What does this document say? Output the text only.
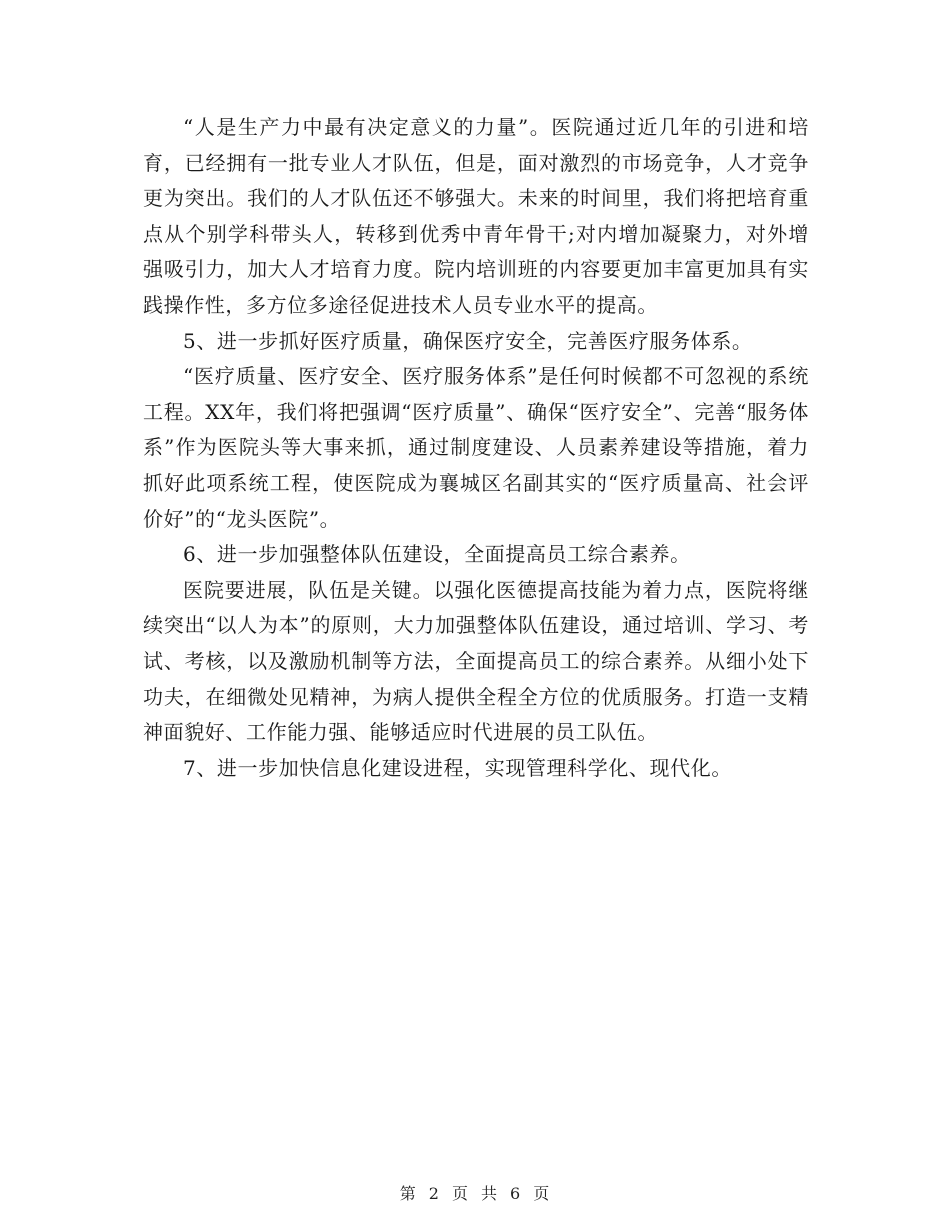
“人是生产力中最有决定意义的力量”。医院通过近几年的引进和培育，已经拥有一批专业人才队伍，但是，面对激烈的市场竞争，人才竞争更为突出。我们的人才队伍还不够强大。未来的时间里，我们将把培育重点从个别学科带头人，转移到优秀中青年骨干;对内增加凝聚力，对外增强吸引力，加大人才培育力度。院内培训班的内容要更加丰富更加具有实践操作性，多方位多途径促进技术人员专业水平的提高。

5、进一步抓好医疗质量，确保医疗安全，完善医疗服务体系。

“医疗质量、医疗安全、医疗服务体系”是任何时候都不可忽视的系统工程。XX年，我们将把强调“医疗质量”、确保“医疗安全”、完善“服务体系”作为医院头等大事来抓，通过制度建设、人员素养建设等措施，着力抓好此项系统工程，使医院成为襄城区名副其实的“医疗质量高、社会评价好”的“龙头医院”。

6、进一步加强整体队伍建设，全面提高员工综合素养。

医院要进展，队伍是关键。以强化医德提高技能为着力点，医院将继续突出“以人为本”的原则，大力加强整体队伍建设，通过培训、学习、考试、考核，以及激励机制等方法，全面提高员工的综合素养。从细小处下功夫，在细微处见精神，为病人提供全程全方位的优质服务。打造一支精神面貌好、工作能力强、能够适应时代进展的员工队伍。

7、进一步加快信息化建设进程，实现管理科学化、现代化。

第 2 页 共 6 页
